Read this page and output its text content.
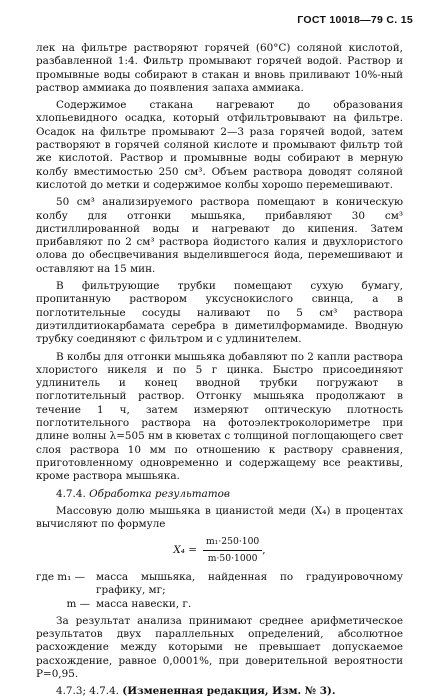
ГОСТ 10018—79 С. 15

лек на фильтре растворяют горячей (60°С) соляной кислотой, разбавленной 1:4. Фильтр промывают горячей водой. Раствор и промывные воды собирают в стакан и вновь приливают 10%-ный раствор аммиака до появления запаха аммиака.

Содержимое стакана нагревают до образования хлопьевидного осадка, который отфильтровывают на фильтре. Осадок на фильтре промывают 2—3 раза горячей водой, затем растворяют в горячей соляной кислоте и промывают фильтр той же кислотой. Раствор и промывные воды собирают в мерную колбу вместимостью 250 см³. Объем раствора доводят соляной кислотой до метки и содержимое колбы хорошо перемешивают.

50 см³ анализируемого раствора помещают в коническую колбу для отгонки мышьяка, прибавляют 30 см³ дистиллированной воды и нагревают до кипения. Затем прибавляют по 2 см³ раствора йодистого калия и двухлористого олова до обесцвечивания выделившегося йода, перемешивают и оставляют на 15 мин.

В фильтрующие трубки помещают сухую бумагу, пропитанную раствором уксуснокислого свинца, а в поглотительные сосуды наливают по 5 см³ раствора диэтилдитиокарбамата серебра в диметилформамиде. Вводную трубку соединяют с фильтром и с удлинителем.

В колбы для отгонки мышьяка добавляют по 2 капли раствора хлористого никеля и по 5 г цинка. Быстро присоединяют удлинитель и конец вводной трубки погружают в поглотительный раствор. Отгонку мышьяка продолжают в течение 1 ч, затем измеряют оптическую плотность поглотительного раствора на фотоэлектроколориметре при длине волны λ=505 нм в кюветах с толщиной поглощающего свет слоя раствора 10 мм по отношению к раствору сравнения, приготовленному одновременно и содержащему все реактивы, кроме раствора мышьяка.

4.7.4. Обработка результатов

Массовую долю мышьяка в цианистой меди (X₄) в процентах вычисляют по формуле

$X_4 = \frac{\text{m₁·250·100}}{m\cdot 50\cdot 1000}$ ,
где m₁ —	масса мышьяка, найденная по градуировочному графику, мг;
m — масса навески, г.

За результат анализа принимают среднее арифметическое результатов двух параллельных определений, абсолютное расхождение между которыми не превышает допускаемое расхождение, равное 0,0001%, при доверительной вероятности P=0,95.

4.7.3; 4.7.4. (Измененная редакция, Изм. № 3).
